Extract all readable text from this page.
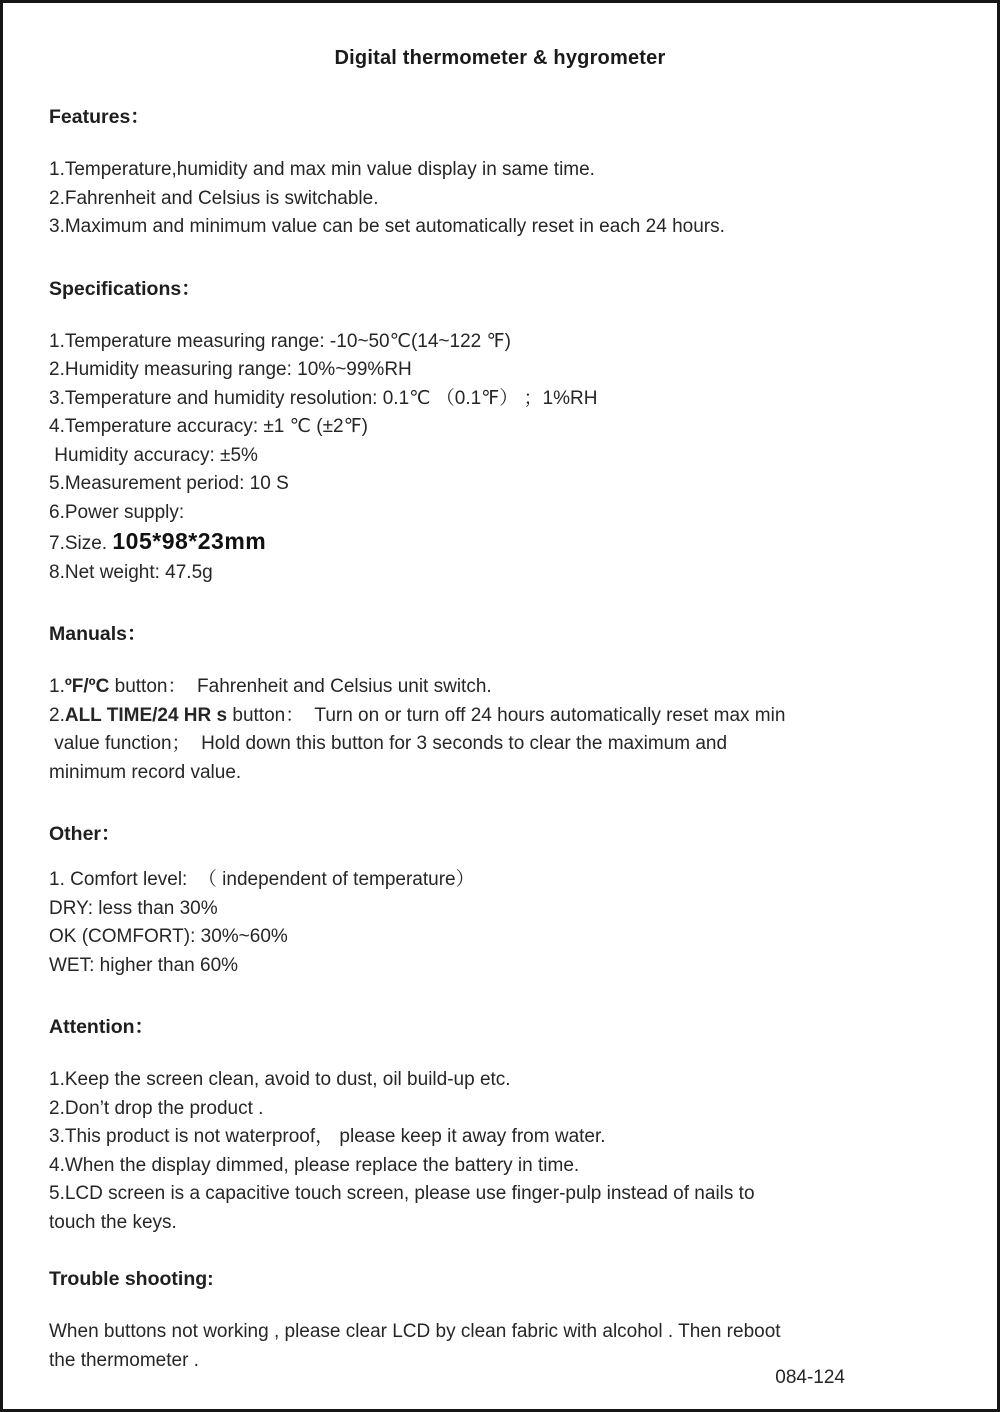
Digital thermometer & hygrometer
Features：

1.Temperature,humidity and max min value display in same time.

2.Fahrenheit and Celsius is switchable.

3.Maximum and minimum value can be set automatically reset in each 24 hours.

Specifications：

1.Temperature measuring range: -10~50℃(14~122 ℉)

2.Humidity measuring range: 10%~99%RH

3.Temperature and humidity resolution: 0.1℃ （0.1℉） ；1%RH

4.Temperature accuracy: ±1 ℃ (±2℉)

Humidity accuracy: ±5%

5.Measurement period: 10 S

6.Power supply:

7.Size. 105*98*23mm

8.Net weight: 47.5g

Manuals：

1.ºF/ºC button：  Fahrenheit and Celsius unit switch.

2.ALL TIME/24 HR s button：  Turn on or turn off 24 hours automatically reset max min

value function；  Hold down this button for 3 seconds to clear the maximum and

minimum record value.

Other：

1. Comfort level:  （ independent of temperature）

DRY: less than 30%

OK (COMFORT): 30%~60%

WET: higher than 60%

Attention：

1.Keep the screen clean, avoid to dust, oil build-up etc.

2.Don’t drop the product .

3.This product is not waterproof， please keep it away from water.

4.When the display dimmed, please replace the battery in time.

5.LCD screen is a capacitive touch screen, please use finger-pulp instead of nails to

touch the keys.

Trouble shooting:

When buttons not working , please clear LCD by clean fabric with alcohol . Then reboot

the thermometer .

084-124
